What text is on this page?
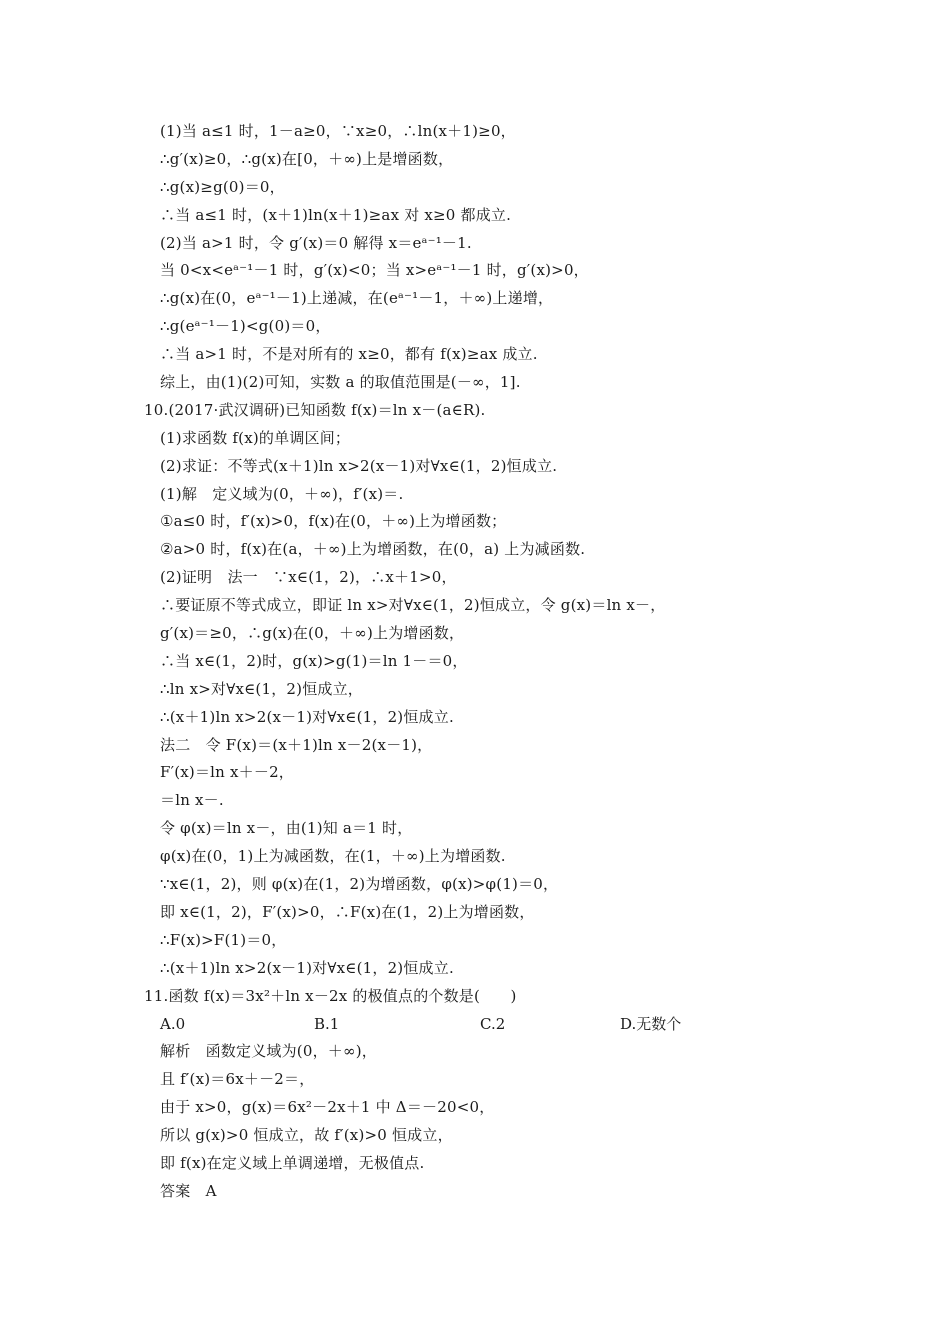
(1)当 a≤1 时，1－a≥0，∵x≥0，∴ln(x＋1)≥0，
∴g′(x)≥0，∴g(x)在[0，＋∞)上是增函数，
∴g(x)≥g(0)＝0，
∴当 a≤1 时，(x＋1)ln(x＋1)≥ax 对 x≥0 都成立.
(2)当 a>1 时，令 g′(x)＝0 解得 x＝eᵃ⁻¹－1.
当 0<x<eᵃ⁻¹－1 时，g′(x)<0；当 x>eᵃ⁻¹－1 时，g′(x)>0，
∴g(x)在(0，eᵃ⁻¹－1)上递减，在(eᵃ⁻¹－1，＋∞)上递增，
∴g(eᵃ⁻¹－1)<g(0)＝0，
∴当 a>1 时，不是对所有的 x≥0，都有 f(x)≥ax 成立.
综上，由(1)(2)可知，实数 a 的取值范围是(－∞，1].
10.(2017·武汉调研)已知函数 f(x)＝ln x－(a∈R).
(1)求函数 f(x)的单调区间；
(2)求证：不等式(x＋1)ln x>2(x－1)对∀x∈(1，2)恒成立.
(1)解　定义域为(0，＋∞)，f′(x)＝.
①a≤0 时，f′(x)>0，f(x)在(0，＋∞)上为增函数；
②a>0 时，f(x)在(a，＋∞)上为增函数，在(0，a) 上为减函数.
(2)证明　法一　∵x∈(1，2)，∴x＋1>0，
∴要证原不等式成立，即证 ln x>对∀x∈(1，2)恒成立，令 g(x)＝ln x－，
g′(x)＝≥0，∴g(x)在(0，＋∞)上为增函数，
∴当 x∈(1，2)时，g(x)>g(1)＝ln 1－＝0，
∴ln x>对∀x∈(1，2)恒成立，
∴(x＋1)ln x>2(x－1)对∀x∈(1，2)恒成立.
法二　令 F(x)＝(x＋1)ln x－2(x－1)，
F′(x)＝ln x＋－2，
＝ln x－.
令 φ(x)＝ln x－，由(1)知 a＝1 时，
φ(x)在(0，1)上为减函数，在(1，＋∞)上为增函数.
∵x∈(1，2)，则 φ(x)在(1，2)为增函数，φ(x)>φ(1)＝0，
即 x∈(1，2)，F′(x)>0，∴F(x)在(1，2)上为增函数，
∴F(x)>F(1)＝0，
∴(x＋1)ln x>2(x－1)对∀x∈(1，2)恒成立.
11.函数 f(x)＝3x²＋ln x－2x 的极值点的个数是(　　)
A.0	B.1	C.2	D.无数个
解析　函数定义域为(0，＋∞)，
且 f′(x)＝6x＋－2＝，
由于 x>0，g(x)＝6x²－2x＋1 中 Δ＝－20<0，
所以 g(x)>0 恒成立，故 f′(x)>0 恒成立，
即 f(x)在定义域上单调递增，无极值点.
答案　A
